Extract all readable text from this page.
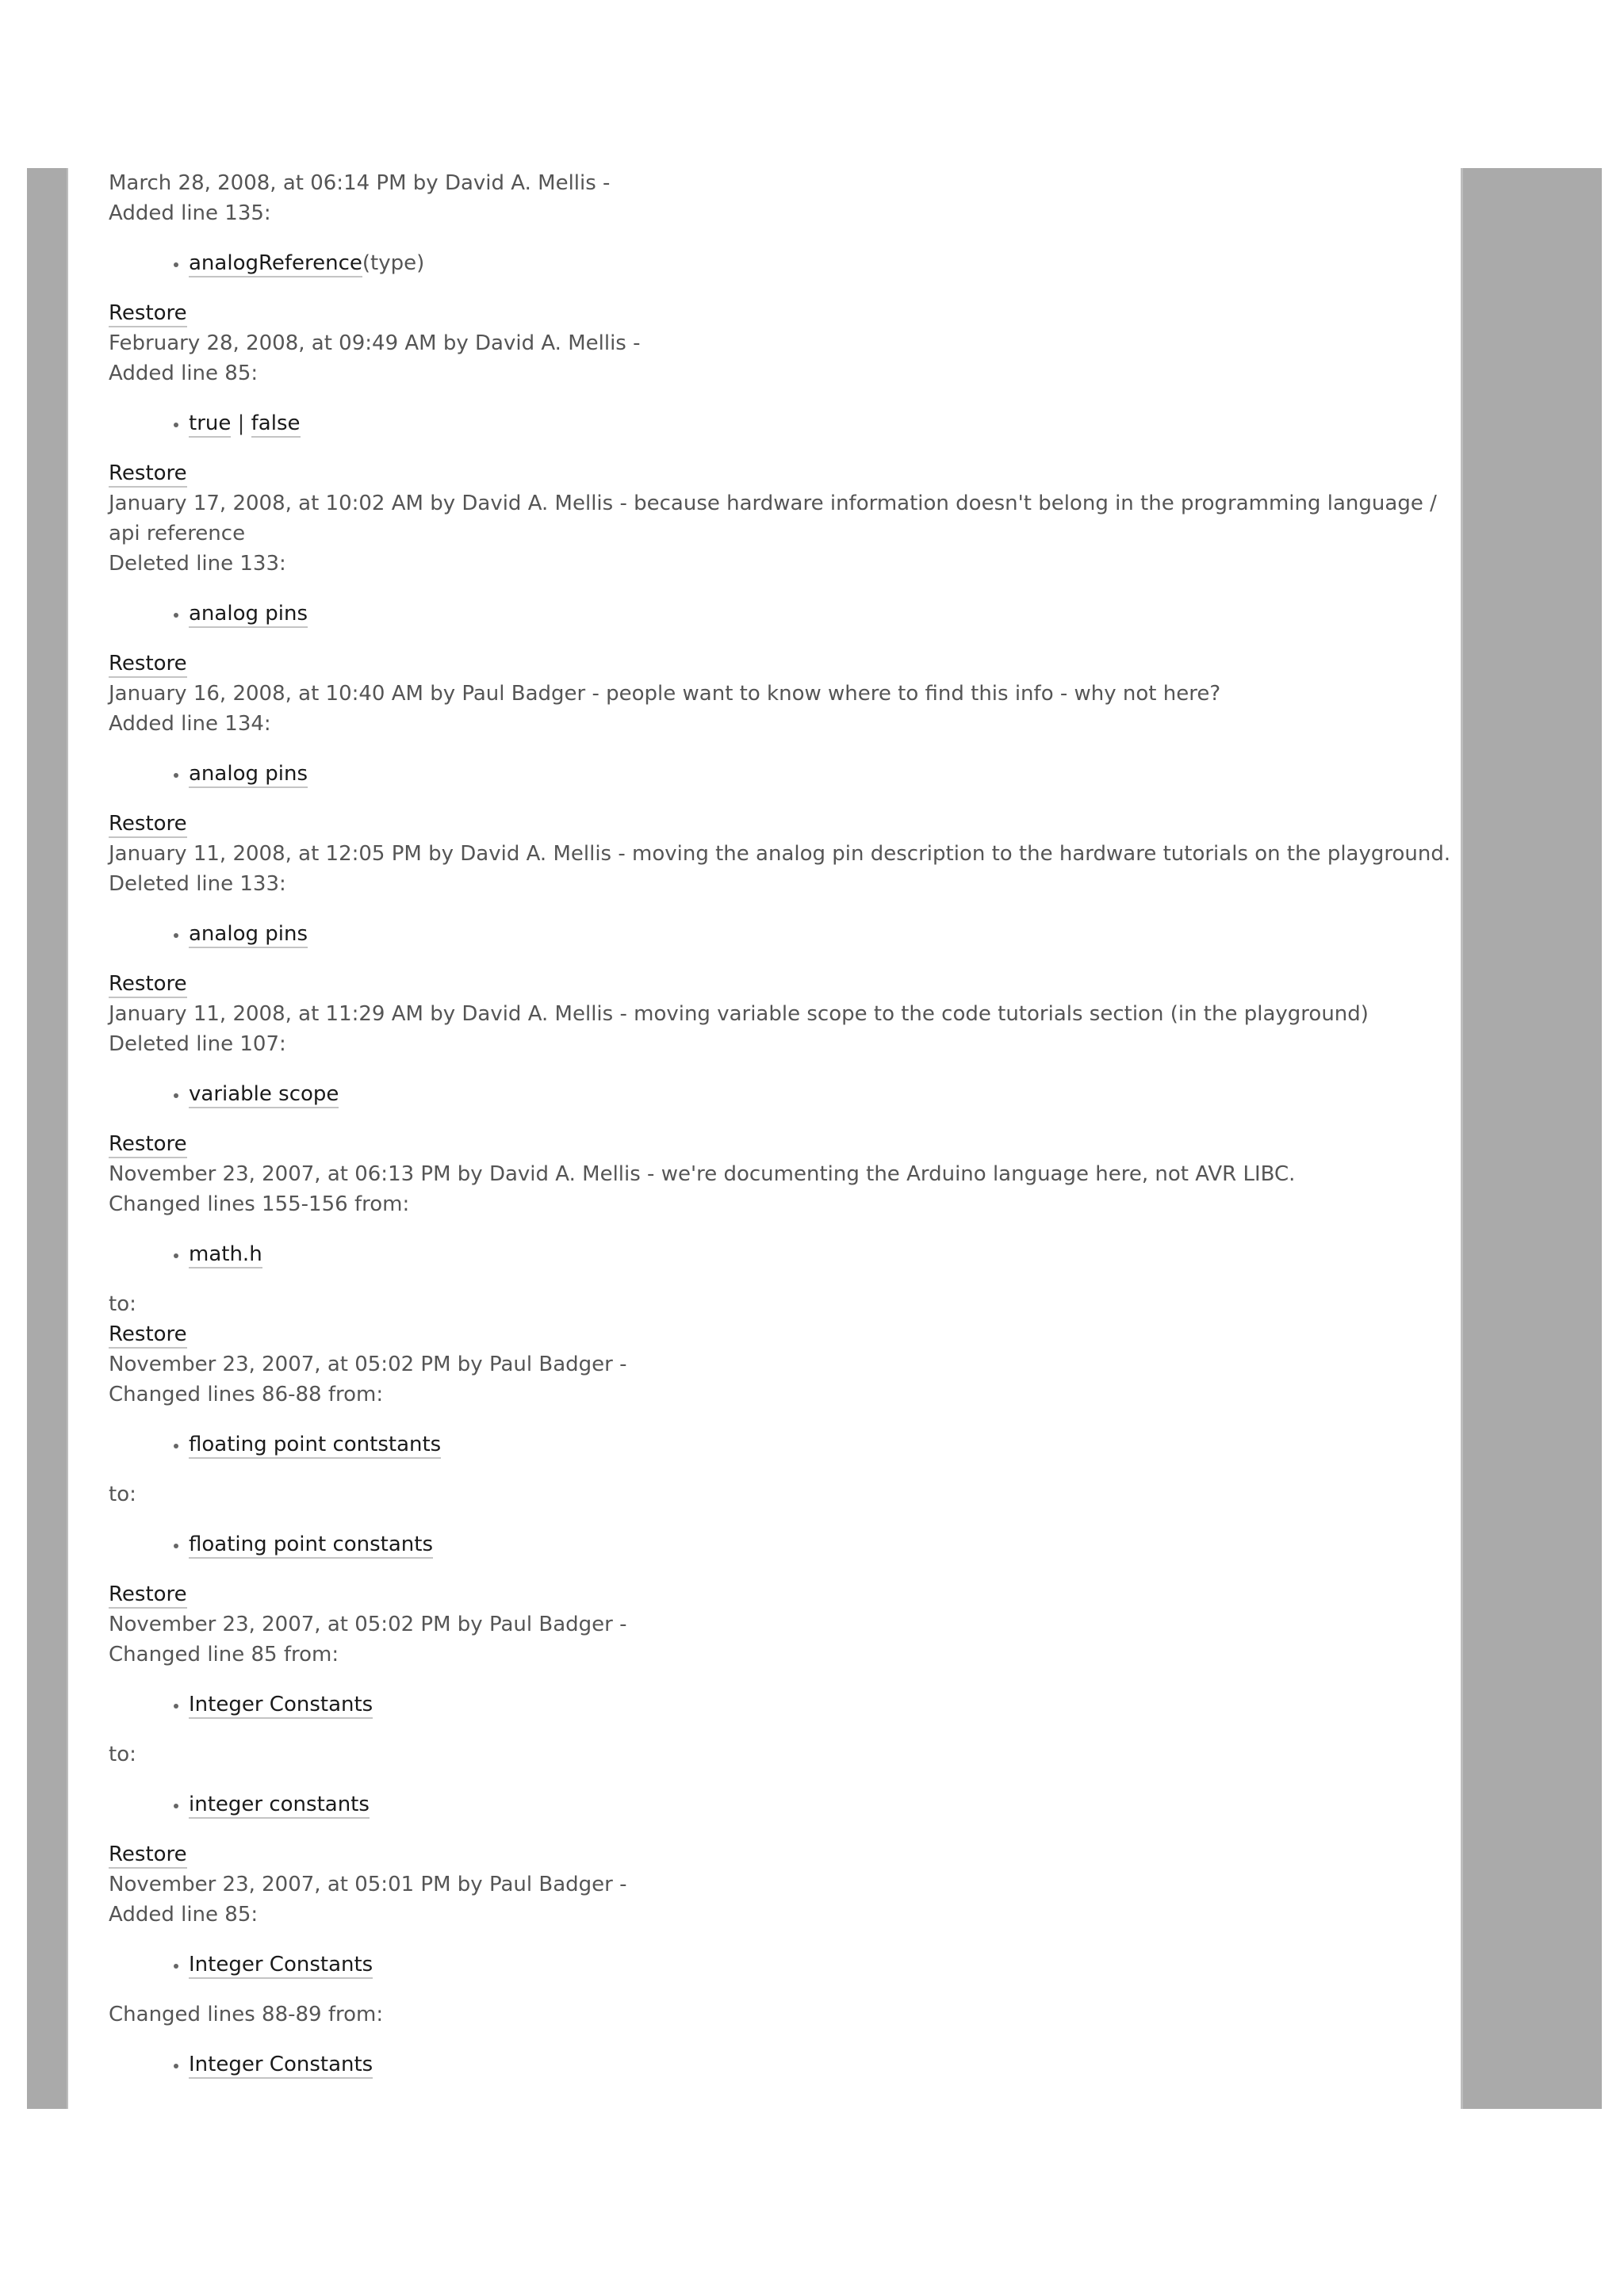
March 28, 2008, at 06:14 PM by David A. Mellis -
Added line 135:
• analogReference(type)
Restore
February 28, 2008, at 09:49 AM by David A. Mellis -
Added line 85:
• true | false
Restore
January 17, 2008, at 10:02 AM by David A. Mellis - because hardware information doesn't belong in the programming language / api reference
Deleted line 133:
• analog pins
Restore
January 16, 2008, at 10:40 AM by Paul Badger - people want to know where to find this info - why not here?
Added line 134:
• analog pins
Restore
January 11, 2008, at 12:05 PM by David A. Mellis - moving the analog pin description to the hardware tutorials on the playground.
Deleted line 133:
• analog pins
Restore
January 11, 2008, at 11:29 AM by David A. Mellis - moving variable scope to the code tutorials section (in the playground)
Deleted line 107:
• variable scope
Restore
November 23, 2007, at 06:13 PM by David A. Mellis - we're documenting the Arduino language here, not AVR LIBC.
Changed lines 155-156 from:
• math.h
to:
Restore
November 23, 2007, at 05:02 PM by Paul Badger -
Changed lines 86-88 from:
• floating point contstants
to:
• floating point constants
Restore
November 23, 2007, at 05:02 PM by Paul Badger -
Changed line 85 from:
• Integer Constants
to:
• integer constants
Restore
November 23, 2007, at 05:01 PM by Paul Badger -
Added line 85:
• Integer Constants
Changed lines 88-89 from:
• Integer Constants
